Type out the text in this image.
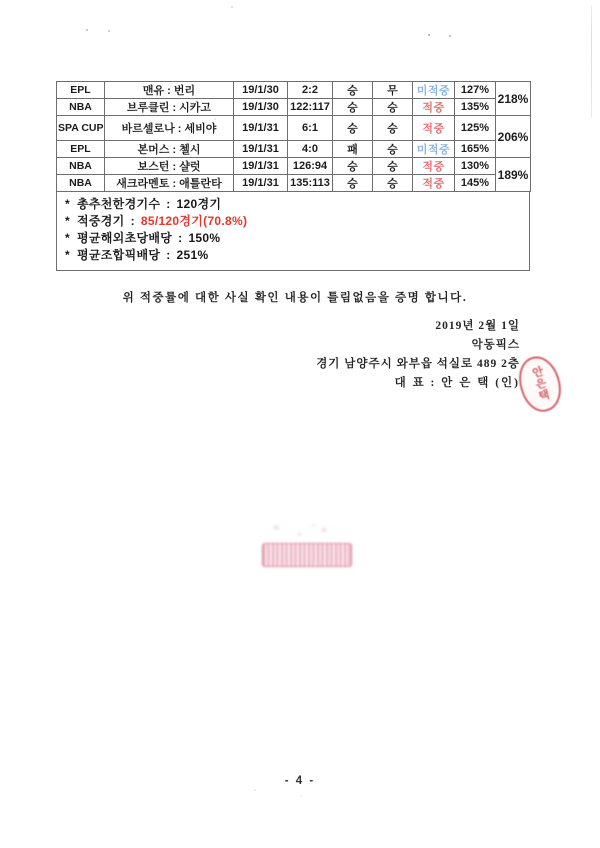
EPL	맨유 : 번리	19/1/30	2:2	승	무	미적중	127%	218%
NBA	브루클린 : 시카고	19/1/30	122:117	승	승	적중	135%	
SPA CUP	바르셀로나 : 세비야	19/1/31	6:1	승	승	적중	125%	206%
EPL	본머스 : 첼시	19/1/31	4:0	패	승	미적중	165%	
NBA	보스턴 : 샬럿	19/1/31	126:94	승	승	적중	130%	189%
NBA	새크라멘토 : 애틀란타	19/1/31	135:113	승	승	적중	145%	
* 총추천한경기수 : 120경기
* 적중경기 : 85/120경기(70.8%)
* 평균해외초당배당 : 150%
* 평균조합픽배당 : 251%
위 적중률에 대한 사실 확인 내용이 틀림없음을 증명 합니다.
2019년 2월 1일
악동픽스
경기 남양주시 와부읍 석실로 489 2층
대 표 : 안 은 택 (인) 안은택
- 4 -
